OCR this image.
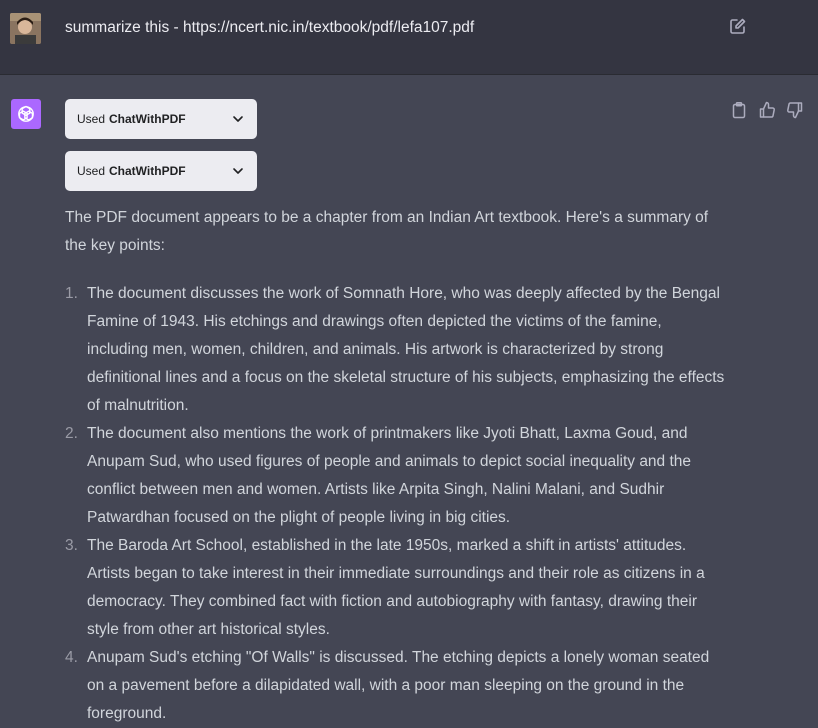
summarize this - https://ncert.nic.in/textbook/pdf/lefa107.pdf
Used ChatWithPDF
Used ChatWithPDF

The PDF document appears to be a chapter from an Indian Art textbook. Here's a summary of the key points:

1. The document discusses the work of Somnath Hore, who was deeply affected by the Bengal Famine of 1943. His etchings and drawings often depicted the victims of the famine, including men, women, children, and animals. His artwork is characterized by strong definitional lines and a focus on the skeletal structure of his subjects, emphasizing the effects of malnutrition.
2. The document also mentions the work of printmakers like Jyoti Bhatt, Laxma Goud, and Anupam Sud, who used figures of people and animals to depict social inequality and the conflict between men and women. Artists like Arpita Singh, Nalini Malani, and Sudhir Patwardhan focused on the plight of people living in big cities.
3. The Baroda Art School, established in the late 1950s, marked a shift in artists' attitudes. Artists began to take interest in their immediate surroundings and their role as citizens in a democracy. They combined fact with fiction and autobiography with fantasy, drawing their style from other art historical styles.
4. Anupam Sud's etching "Of Walls" is discussed. The etching depicts a lonely woman seated on a pavement before a dilapidated wall, with a poor man sleeping on the ground in the foreground.
